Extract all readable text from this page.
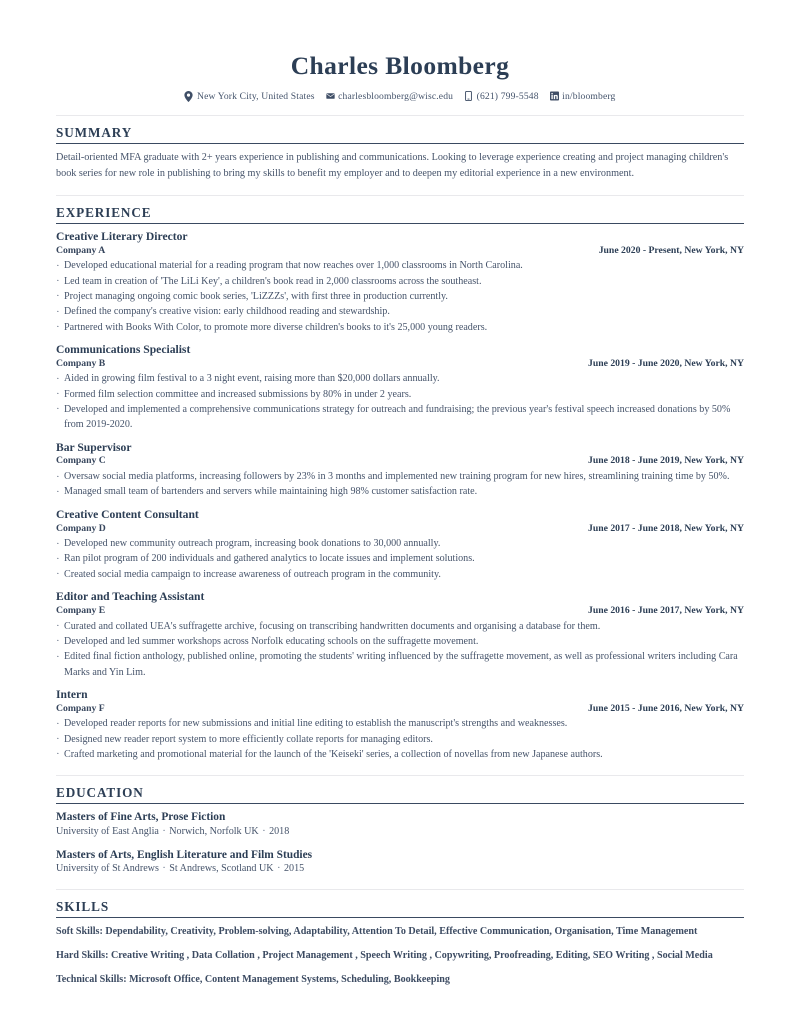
Charles Bloomberg
New York City, United States charlesbloomberg@wisc.edu (621) 799-5548 in/bloomberg
SUMMARY
Detail-oriented MFA graduate with 2+ years experience in publishing and communications. Looking to leverage experience creating and project managing children's book series for new role in publishing to bring my skills to benefit my employer and to deepen my editorial experience in a new environment.
EXPERIENCE
Creative Literary Director
Company A	June 2020 - Present, New York, NY
· Developed educational material for a reading program that now reaches over 1,000 classrooms in North Carolina.
· Led team in creation of 'The LiLi Key', a children's book read in 2,000 classrooms across the southeast.
· Project managing ongoing comic book series, 'LiZZZs', with first three in production currently.
· Defined the company's creative vision: early childhood reading and stewardship.
· Partnered with Books With Color, to promote more diverse children's books to it's 25,000 young readers.
Communications Specialist
Company B	June 2019 - June 2020, New York, NY
· Aided in growing film festival to a 3 night event, raising more than $20,000 dollars annually.
· Formed film selection committee and increased submissions by 80% in under 2 years.
· Developed and implemented a comprehensive communications strategy for outreach and fundraising; the previous year's festival speech increased donations by 50% from 2019-2020.
Bar Supervisor
Company C	June 2018 - June 2019, New York, NY
· Oversaw social media platforms, increasing followers by 23% in 3 months and implemented new training program for new hires, streamlining training time by 50%.
· Managed small team of bartenders and servers while maintaining high 98% customer satisfaction rate.
Creative Content Consultant
Company D	June 2017 - June 2018, New York, NY
· Developed new community outreach program, increasing book donations to 30,000 annually.
· Ran pilot program of 200 individuals and gathered analytics to locate issues and implement solutions.
· Created social media campaign to increase awareness of outreach program in the community.
Editor and Teaching Assistant
Company E	June 2016 - June 2017, New York, NY
· Curated and collated UEA's suffragette archive, focusing on transcribing handwritten documents and organising a database for them.
· Developed and led summer workshops across Norfolk educating schools on the suffragette movement.
· Edited final fiction anthology, published online, promoting the students' writing influenced by the suffragette movement, as well as professional writers including Cara Marks and Yin Lim.
Intern
Company F	June 2015 - June 2016, New York, NY
· Developed reader reports for new submissions and initial line editing to establish the manuscript's strengths and weaknesses.
· Designed new reader report system to more efficiently collate reports for managing editors.
· Crafted marketing and promotional material for the launch of the 'Keiseki' series, a collection of novellas from new Japanese authors.
EDUCATION
Masters of Fine Arts, Prose Fiction
University of East Anglia · Norwich, Norfolk UK · 2018
Masters of Arts, English Literature and Film Studies
University of St Andrews · St Andrews, Scotland UK · 2015
SKILLS
Soft Skills: Dependability, Creativity, Problem-solving, Adaptability, Attention To Detail, Effective Communication, Organisation, Time Management
Hard Skills: Creative Writing , Data Collation , Project Management , Speech Writing , Copywriting, Proofreading, Editing, SEO Writing , Social Media
Technical Skills: Microsoft Office, Content Management Systems, Scheduling, Bookkeeping
